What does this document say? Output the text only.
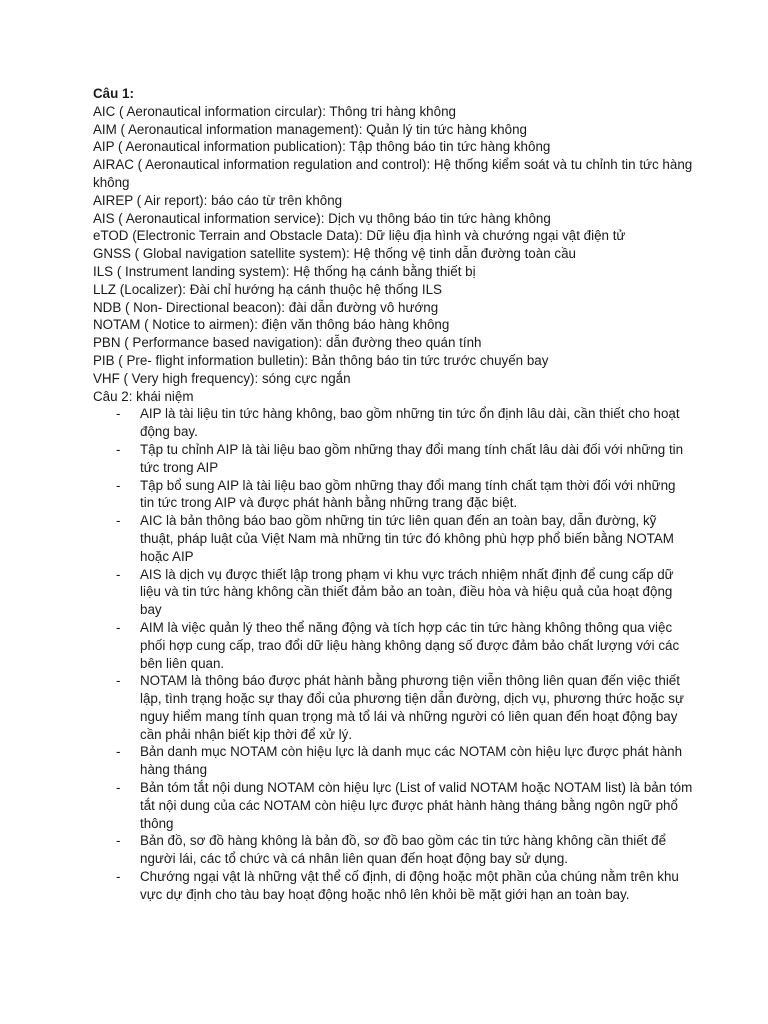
Câu 1:

AIC ( Aeronautical information circular): Thông tri hàng không

AIM ( Aeronautical information management): Quản lý tin tức hàng không

AIP ( Aeronautical information publication): Tập thông báo tin tức hàng không

AIRAC ( Aeronautical information regulation and control): Hệ thống kiểm soát và tu chỉnh tin tức hàng không

AIREP ( Air report): báo cáo từ trên không

AIS ( Aeronautical information service): Dịch vụ thông báo tin tức hàng không

eTOD (Electronic Terrain and Obstacle Data): Dữ liệu địa hình và chướng ngại vật điện tử

GNSS ( Global navigation satellite system): Hệ thống vệ tinh dẫn đường toàn cầu

ILS ( Instrument landing system): Hệ thống hạ cánh bằng thiết bị

LLZ (Localizer): Đài chỉ hướng hạ cánh thuộc hệ thống ILS

NDB ( Non- Directional beacon): đài dẫn đường vô hướng

NOTAM ( Notice to airmen): điện văn thông báo hàng không

PBN ( Performance based navigation): dẫn đường theo quán tính

PIB ( Pre- flight information bulletin): Bản thông báo tin tức trước chuyến bay

VHF ( Very high frequency): sóng cực ngắn

Câu 2: khái niệm

- AIP là tài liệu tin tức hàng không, bao gồm những tin tức ổn định lâu dài, cần thiết cho hoạt động bay.
- Tập tu chỉnh AIP là tài liệu bao gồm những thay đổi mang tính chất lâu dài đối với những tin tức trong AIP
- Tập bổ sung AIP là tài liệu bao gồm những thay đổi mang tính chất tạm thời đối với những tin tức trong AIP và được phát hành bằng những trang đặc biệt.
- AIC là bản thông báo bao gồm những tin tức liên quan đến an toàn bay, dẫn đường, kỹ thuật, pháp luật của Việt Nam mà những tin tức đó không phù hợp phổ biến bằng NOTAM hoặc AIP
- AIS là dịch vụ được thiết lập trong phạm vi khu vực trách nhiệm nhất định để cung cấp dữ liệu và tin tức hàng không cần thiết đảm bảo an toàn, điều hòa và hiệu quả của hoạt động bay
- AIM là việc quản lý theo thể năng động và tích hợp các tin tức hàng không thông qua việc phối hợp cung cấp, trao đổi dữ liệu hàng không dạng số được đảm bảo chất lượng với các bên liên quan.
- NOTAM là thông báo được phát hành bằng phương tiện viễn thông liên quan đến việc thiết lập, tình trạng hoặc sự thay đổi của phương tiện dẫn đường, dịch vụ, phương thức hoặc sự nguy hiểm mang tính quan trọng mà tổ lái và những người có liên quan đến hoạt động bay cần phải nhận biết kịp thời để xử lý.
- Bản danh mục NOTAM còn hiệu lực là danh mục các NOTAM còn hiệu lực được phát hành hàng tháng
- Bản tóm tắt nội dung NOTAM còn hiệu lực (List of valid NOTAM hoặc NOTAM list) là bản tóm tắt nội dung của các NOTAM còn hiệu lực được phát hành hàng tháng bằng ngôn ngữ phổ thông
- Bản đồ, sơ đồ hàng không là bản đồ, sơ đồ bao gồm các tin tức hàng không cần thiết để người lái, các tổ chức và cá nhân liên quan đến hoạt động bay sử dụng.
- Chướng ngại vật là những vật thể cố định, di động hoặc một phần của chúng nằm trên khu vực dự định cho tàu bay hoạt động hoặc nhô lên khỏi bề mặt giới hạn an toàn bay.
